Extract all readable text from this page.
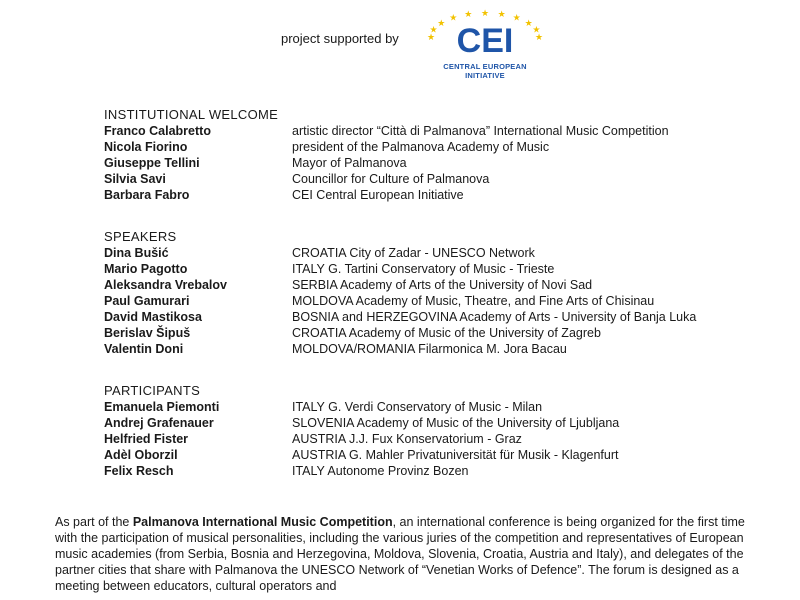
project supported by	★
★
★
★ ★ ★ ★ ★
★
★
★
CEI
CENTRAL EUROPEAN INITIATIVE
INSTITUTIONAL WELCOME
Franco Calabretto	artistic director “Città di Palmanova” International Music Competition
Nicola Fiorino	president of the Palmanova Academy of Music
Giuseppe Tellini	Mayor of Palmanova
Silvia Savi	Councillor for Culture of Palmanova
Barbara Fabro	CEI Central European Initiative
SPEAKERS
Dina Bušić	CROATIA City of Zadar - UNESCO Network
Mario Pagotto	ITALY G. Tartini Conservatory of Music - Trieste
Aleksandra Vrebalov	SERBIA Academy of Arts of the University of Novi Sad
Paul Gamurari	MOLDOVA Academy of Music, Theatre, and Fine Arts of Chisinau
David Mastikosa	BOSNIA and HERZEGOVINA Academy of Arts - University of Banja Luka
Berislav Šipuš	CROATIA Academy of Music of the University of Zagreb
Valentin Doni	MOLDOVA/ROMANIA Filarmonica M. Jora Bacau
PARTICIPANTS
Emanuela Piemonti	ITALY G. Verdi Conservatory of Music - Milan
Andrej Grafenauer	SLOVENIA Academy of Music of the University of Ljubljana
Helfried Fister	AUSTRIA J.J. Fux Konservatorium - Graz
Adèl Oborzil	AUSTRIA G. Mahler Privatuniversität für Musik - Klagenfurt
Felix Resch	ITALY Autonome Provinz Bozen
As part of the Palmanova International Music Competition, an international conference is being organized for the first time with the participation of musical personalities, including the various juries of the competition and representatives of European music academies (from Serbia, Bosnia and Herzegovina, Moldova, Slovenia, Croatia, Austria and Italy), and delegates of the partner cities that share with Palmanova the UNESCO Network of “Venetian Works of Defence”. The forum is designed as a meeting between educators, cultural operators and
